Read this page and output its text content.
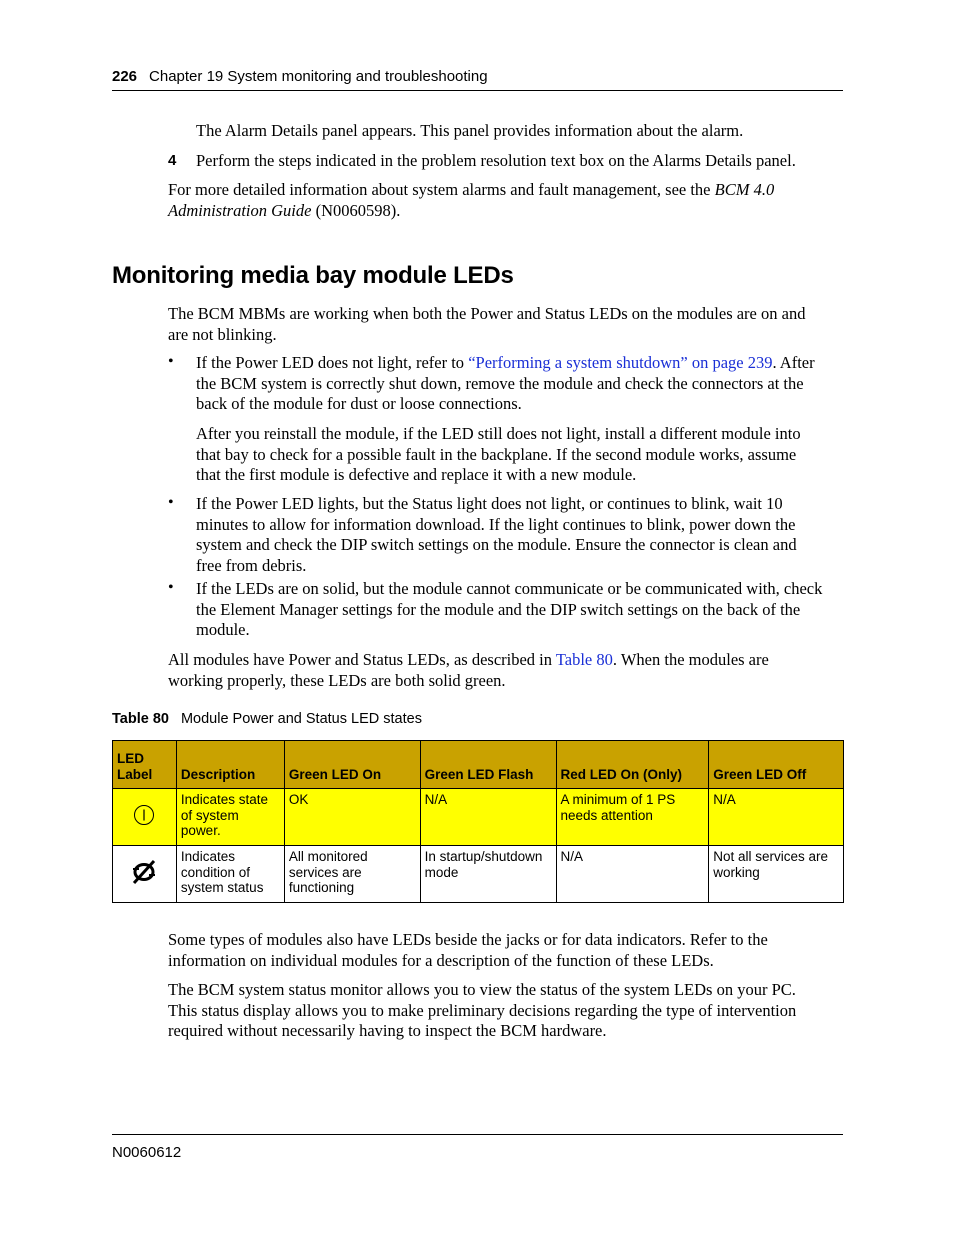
226 Chapter 19 System monitoring and troubleshooting
The Alarm Details panel appears. This panel provides information about the alarm.
4 Perform the steps indicated in the problem resolution text box on the Alarms Details panel.
For more detailed information about system alarms and fault management, see the BCM 4.0
Administration Guide (N0060598).
Monitoring media bay module LEDs
The BCM MBMs are working when both the Power and Status LEDs on the modules are on and
are not blinking.
• If the Power LED does not light, refer to “Performing a system shutdown” on page 239. After
the BCM system is correctly shut down, remove the module and check the connectors at the
back of the module for dust or loose connections.
After you reinstall the module, if the LED still does not light, install a different module into
that bay to check for a possible fault in the backplane. If the second module works, assume
that the first module is defective and replace it with a new module.
• If the Power LED lights, but the Status light does not light, or continues to blink, wait 10
minutes to allow for information download. If the light continues to blink, power down the
system and check the DIP switch settings on the module. Ensure the connector is clean and
free from debris.
• If the LEDs are on solid, but the module cannot communicate or be communicated with, check
the Element Manager settings for the module and the DIP switch settings on the back of the
module.
All modules have Power and Status LEDs, as described in Table 80. When the modules are
working properly, these LEDs are both solid green.
Table 80 Module Power and Status LED states
LED Label	Description	Green LED On	Green LED Flash	Red LED On (Only)	Green LED Off
	Indicates state of system power.	OK	N/A	A minimum of 1 PS needs attention	N/A
	Indicates condition of system status	All monitored services are functioning	In startup/shutdown mode	N/A	Not all services are working
Some types of modules also have LEDs beside the jacks or for data indicators. Refer to the
information on individual modules for a description of the function of these LEDs.
The BCM system status monitor allows you to view the status of the system LEDs on your PC.
This status display allows you to make preliminary decisions regarding the type of intervention
required without necessarily having to inspect the BCM hardware.
N0060612
